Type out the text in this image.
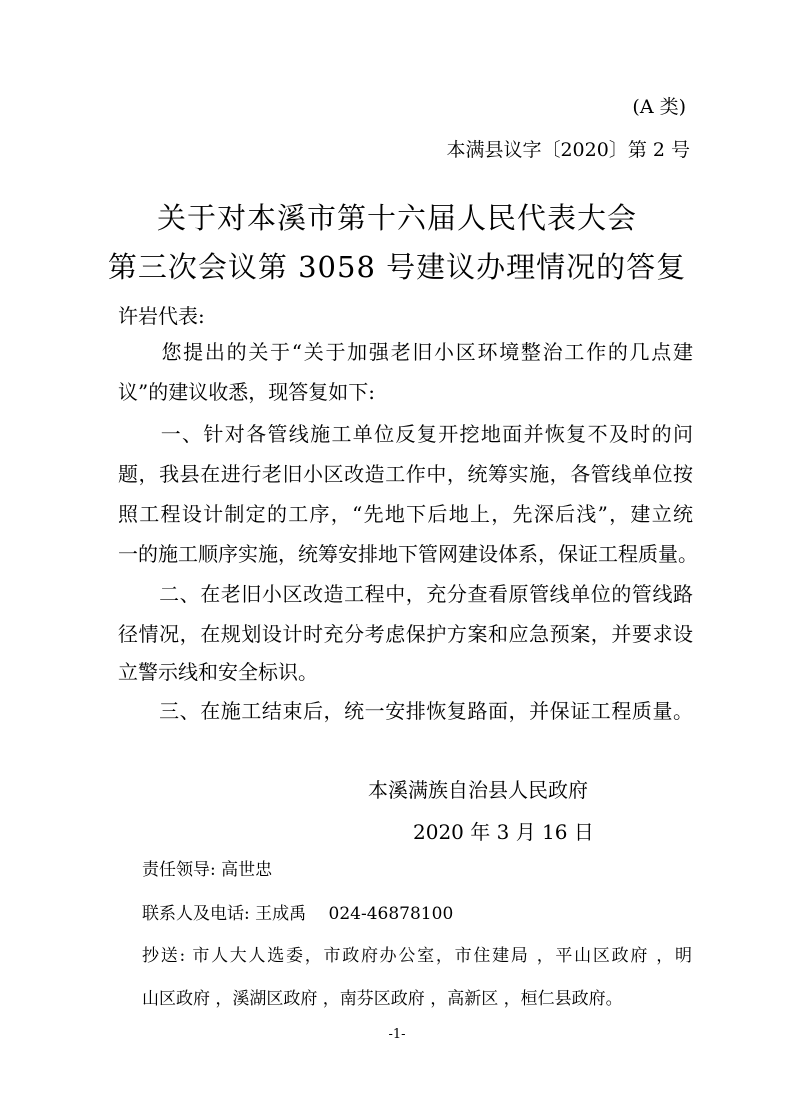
(A 类)
本满县议字〔2020〕第 2 号
关于对本溪市第十六届人民代表大会
第三次会议第 3058 号建议办理情况的答复
许岩代表:
　　您提出的关于“关于加强老旧小区环境整治工作的几点建
议”的建议收悉，现答复如下:
　　一、针对各管线施工单位反复开挖地面并恢复不及时的问
题，我县在进行老旧小区改造工作中，统筹实施，各管线单位按
照工程设计制定的工序，“先地下后地上，先深后浅”，建立统
一的施工顺序实施，统筹安排地下管网建设体系，保证工程质量。
　　二、在老旧小区改造工程中，充分查看原管线单位的管线路
径情况，在规划设计时充分考虑保护方案和应急预案，并要求设
立警示线和安全标识。
　　三、在施工结束后，统一安排恢复路面，并保证工程质量。
本溪满族自治县人民政府
2020 年 3 月 16 日
责任领导: 高世忠
联系人及电话: 王成禹　 024-46878100
抄送: 市人大人选委，市政府办公室，市住建局 ，平山区政府 ，明
山区政府 ，溪湖区政府 ，南芬区政府 ，高新区 ，桓仁县政府。
-1-
